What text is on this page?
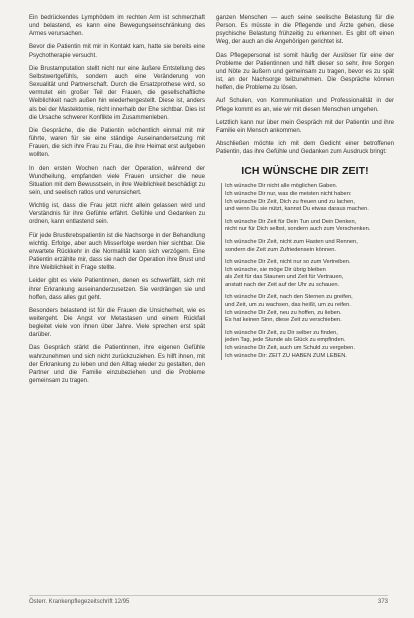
Ein bedrückendes Lymphödem im rechten Arm ist schmerzhaft und belastend, es kann eine Bewegungseinschränkung des Armes verursachen.

Bevor die Patientin mit mir in Kontakt kam, hatte sie bereits eine Psychotherapie versucht.

Die Brustamputation stellt nicht nur eine äußere Entstellung des Selbstwertgefühls, sondern auch eine Veränderung von Sexualität und Partnerschaft. Durch die Ersatzprothese wird, so vermutet ein großer Teil der Frauen, die gesellschaftliche Weiblichkeit nach außen hin wiederhergestellt. Diese ist, anders als bei der Mastektomie, nicht innerhalb der Ehe sichtbar. Dies ist die Ursache schwerer Konflikte im Zusammenleben.

Die Gespräche, die die Patientin wöchentlich einmal mit mir führte, waren für sie eine ständige Auseinandersetzung mit Frauen, die sich ihre Frau zu Frau, die ihre Heimat erst aufgeben wollten.

In den ersten Wochen nach der Operation, während der Wundheilung, empfanden viele Frauen unsicher die neue Situation mit dem Bewusstsein, in ihre Weiblichkeit beschädigt zu sein, und seelisch ratlos und verunsichert.

Wichtig ist, dass die Frau jetzt nicht allein gelassen wird und Verständnis für ihre Gefühle erfährt. Gefühle und Gedanken zu ordnen, kann entlastend sein.

Für jede Brustkrebspatientin ist die Nachsorge in der Behandlung wichtig. Erfolge, aber auch Misserfolge werden hier sichtbar. Die erwartete Rückkehr in die Normalität kann sich verzögern. Eine Patientin erzählte mir, dass sie nach der Operation ihre Brust und ihre Weiblichkeit in Frage stellte.

Leider gibt es viele Patientinnen, denen es schwerfällt, sich mit ihrer Erkrankung auseinanderzusetzen. Sie verdrängen sie und hoffen, dass alles gut geht.

Besonders belastend ist für die Frauen die Unsicherheit, wie es weitergeht. Die Angst vor Metastasen und einem Rückfall begleitet viele von ihnen über Jahre. Viele sprechen erst spät darüber.

Das Gespräch stärkt die Patientinnen, ihre eigenen Gefühle wahrzunehmen und sich nicht zurückzuziehen. Es hilft ihnen, mit der Erkrankung zu leben und den Alltag wieder zu gestalten, den Partner und die Familie einzubeziehen und die Probleme gemeinsam zu tragen.

ganzen Menschen — auch seine seelische Belastung für die Person. Es müsste in die Pflegende und Ärzte gehen, diese psychische Belastung frühzeitig zu erkennen. Es gibt oft einen Weg, der auch an die Angehörigen gerichtet ist.

Das Pflegepersonal ist somit häufig der Auslöser für eine der Probleme der Patientinnen und hilft dieser so sehr, ihre Sorgen und Nöte zu äußern und gemeinsam zu tragen, bevor es zu spät ist, an der Nachsorge teilzunehmen. Die Gespräche können helfen, die Probleme zu lösen.

Auf Schulen, von Kommunikation und Professionalität in der Pflege kommt es an, wie wir mit diesen Menschen umgehen.

Letztlich kann nur über mein Gespräch mit der Patientin und ihre Familie ein Mensch ankommen.

Abschließen möchte ich mit dem Gedicht einer betroffenen Patientin, das ihre Gefühle und Gedanken zum Ausdruck bringt:

ICH WÜNSCHE DIR ZEIT!

Ich wünsche Dir nicht alle möglichen Gaben.
Ich wünsche Dir nur, was die meisten nicht haben:
Ich wünsche Dir Zeit, Dich zu freuen und zu lachen,
und wenn Du sie nützt, kannst Du etwas daraus machen.

Ich wünsche Dir Zeit für Dein Tun und Dein Denken,
nicht nur für Dich selbst, sondern auch zum Verschenken.

Ich wünsche Dir Zeit, nicht zum Hasten und Rennen,
sondern die Zeit zum Zufriedensein können.

Ich wünsche Dir Zeit, nicht nur so zum Vertreiben.
Ich wünsche, sie möge Dir übrig bleiben
als Zeit für das Staunen und Zeit für Vertrauen,
anstatt nach der Zeit auf der Uhr zu schauen.

Ich wünsche Dir Zeit, nach den Sternen zu greifen,
und Zeit, um zu wachsen, das heißt, um zu reifen.
Ich wünsche Dir Zeit, neu zu hoffen, zu lieben.
Es hat keinen Sinn, diese Zeit zu verschieben.

Ich wünsche Dir Zeit, zu Dir selber zu finden,
jeden Tag, jede Stunde als Glück zu empfinden.
Ich wünsche Dir Zeit, auch um Schuld zu vergeben.
Ich wünsche Dir: ZEIT ZU HABEN ZUM LEBEN.

Österr. Krankenpflegezeitschrift 12/95	373
